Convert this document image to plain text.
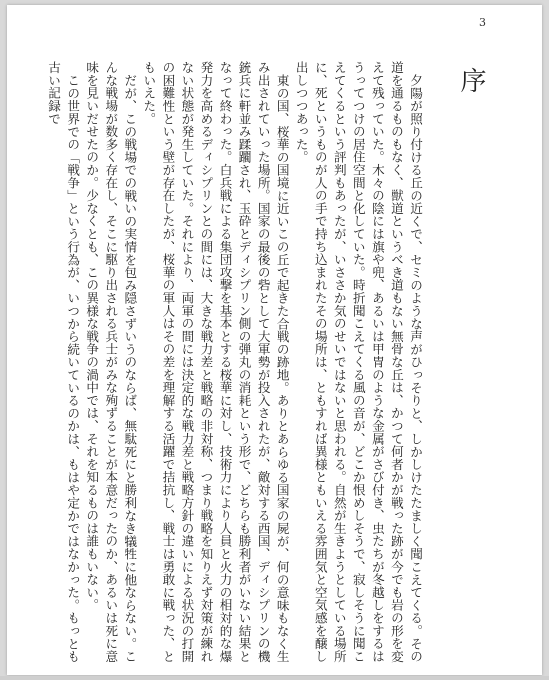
3
序

夕陽が照り付ける丘の近くで、セミのような声がひっそりと、しかしけたたましく聞こえてくる。その道を通るものもなく、獣道というべき道もない無骨な丘は、かつて何者かが戦った跡が今でも岩の形を変えて残っていた。木々の陰には旗や兜、あるいは甲冑のような金属がさび付き、虫たちが冬越しをするはうってつけの居住空間と化していた。時折聞こえてくる風の音が、どこか恨めしそうで、寂しそうに聞こえてくるという評判もあったが、いささか気のせいではないと思われる。自然が生きようとしている場所に、死というものが人の手で持ち込まれたその場所は、ともすれば異様ともいえる雰囲気と空気感を醸し出しつつあった。

東の国、桜華の国境に近いこの丘で起きた合戦の跡地。ありとあらゆる国家の屍が、何の意味もなく生み出されていった場所。国家の最後の砦として大軍勢が投入されたが、敵対する西国、ディシプリンの機銃兵に軒並み蹂躙され、玉砕とディシプリン側の弾丸の消耗という形で、どちらも勝利者がいない結果となって終わった。白兵戦による集団攻撃を基本とする桜華に対し、技術力により人員と火力の相対的な爆発力を高めるディシプリンとの間には、大きな戦力差と戦略の非対称、つまり戦略を知りえず対策が練れない状態が発生していた。それにより、両軍の間には決定的な戦力差と戦略方針の違いによる状況の打開の困難性という壁が存在したが、桜華の軍人はその差を理解する活躍で拮抗し、戦士は勇敢に戦った、ともいえた。

だが、この戦場での戦いの実情を包み隠さずいうのならば、無駄死にと勝利なき犠牲に他ならない。こんな戦場が数多く存在し、そこに駆り出される兵士がみな殉ずることが本意だったのか、あるいは死に意味を見いだせたのか。少なくとも、この異様な戦争の渦中では、それを知るものは誰もいない。

この世界での「戦争」という行為が、いつから続いているのかは、もはや定かではなかった。もっとも古い記録で
